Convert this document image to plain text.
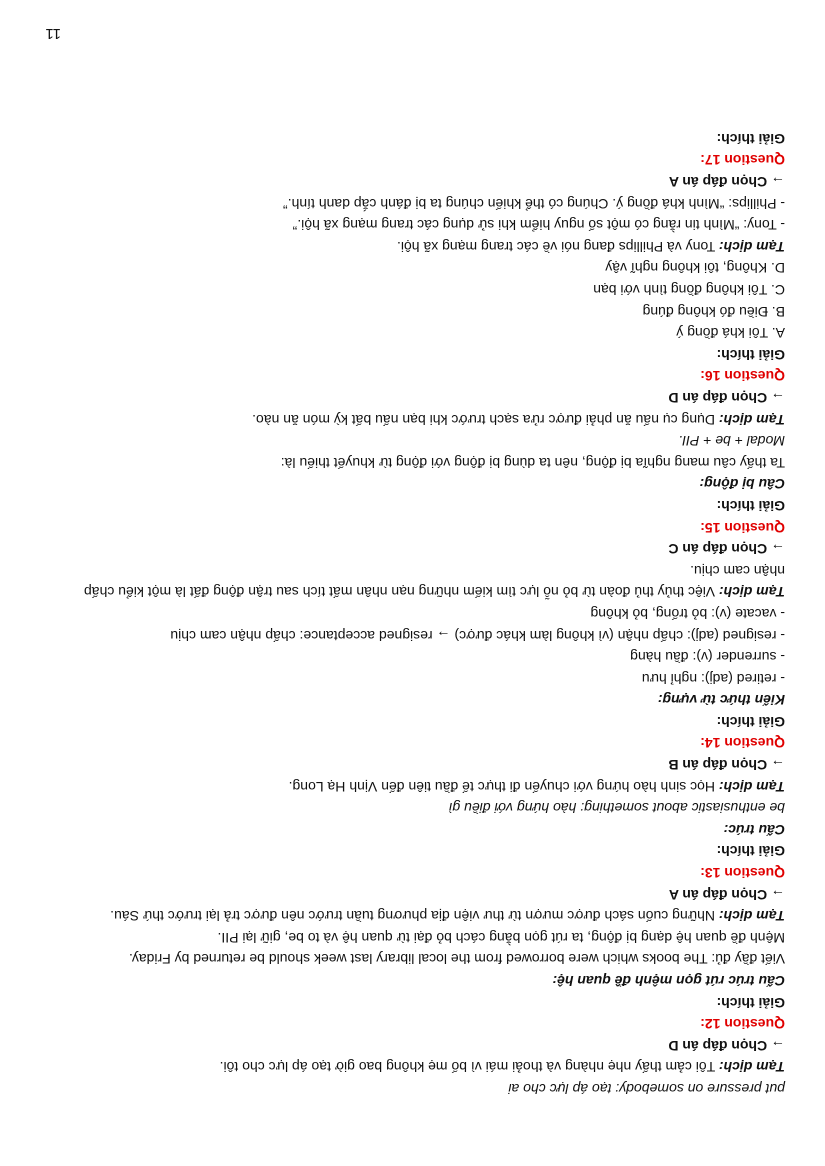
put pressure on somebody: tạo áp lực cho ai

Tạm dịch: Tôi cảm thấy nhẹ nhàng và thoải mái vì bố mẹ không bao giờ tạo áp lực cho tôi.

→ Chọn đáp án D

Question 12:

Giải thích:

Cấu trúc rút gọn mệnh đề quan hệ:

Viết đầy đủ: The books which were borrowed from the local library last week should be returned by Friday.

Mệnh đề quan hệ dạng bị động, ta rút gọn bằng cách bỏ đại từ quan hệ và to be, giữ lại PII.

Tạm dịch: Những cuốn sách được mượn từ thư viện địa phương tuần trước nên được trả lại trước thứ Sáu.

→ Chọn đáp án A

Question 13:

Giải thích:

Cấu trúc:

be enthusiastic about something: hào hứng với điều gì

Tạm dịch: Học sinh hào hứng với chuyến đi thực tế đầu tiên đến Vịnh Hạ Long.

→ Chọn đáp án B

Question 14:

Giải thích:

Kiến thức từ vựng:

- retired (adj): nghỉ hưu

- surrender (v): đầu hàng

- resigned (adj): chấp nhận (vì không làm khác được) → resigned acceptance: chấp nhận cam chịu

- vacate (v): bỏ trống, bỏ không

Tạm dịch: Việc thủy thủ đoàn từ bỏ nỗ lực tìm kiếm những nạn nhân mất tích sau trận động đất là một kiểu chấp nhận cam chịu.

→ Chọn đáp án C

Question 15:

Giải thích:

Câu bị động:

Ta thấy câu mang nghĩa bị động, nên ta dùng bị động với động từ khuyết thiếu là:

Modal + be + PII.

Tạm dịch: Dụng cụ nấu ăn phải được rửa sạch trước khi bạn nấu bất kỳ món ăn nào.

→ Chọn đáp án D

Question 16:

Giải thích:

A. Tôi khá đồng ý

B. Điều đó không đúng

C. Tôi không đồng tình với bạn

D. Không, tôi không nghĩ vậy

Tạm dịch: Tony và Phillips đang nói về các trang mạng xã hội.

- Tony: “Mình tin rằng có một số nguy hiểm khi sử dụng các trang mạng xã hội.”

- Phillips: “Mình khá đồng ý. Chúng có thể khiến chúng ta bị đánh cắp danh tính.”

→ Chọn đáp án A

Question 17:

Giải thích:

11
